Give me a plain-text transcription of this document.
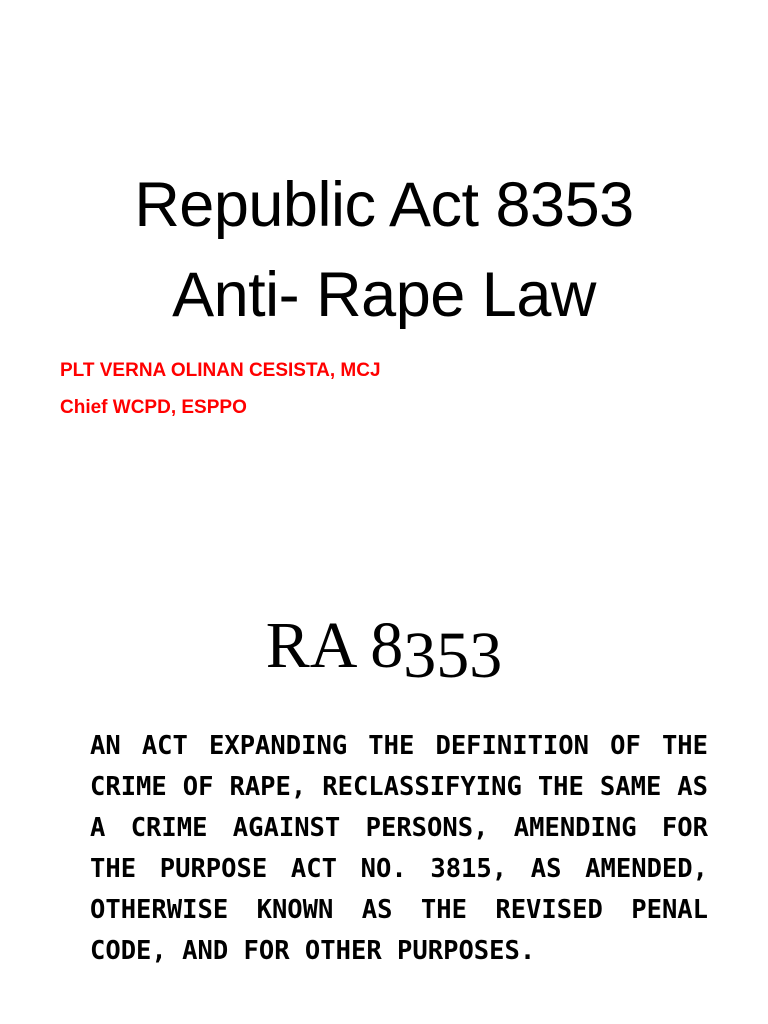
Republic Act 8353
Anti- Rape Law
PLT VERNA OLINAN CESISTA, MCJ
Chief WCPD, ESPPO
RA 8353

AN ACT EXPANDING THE DEFINITION OF THE CRIME OF RAPE, RECLASSIFYING THE SAME AS A CRIME AGAINST PERSONS, AMENDING FOR THE PURPOSE ACT NO. 3815, AS AMENDED, OTHERWISE KNOWN AS THE REVISED PENAL CODE, AND FOR OTHER PURPOSES.
